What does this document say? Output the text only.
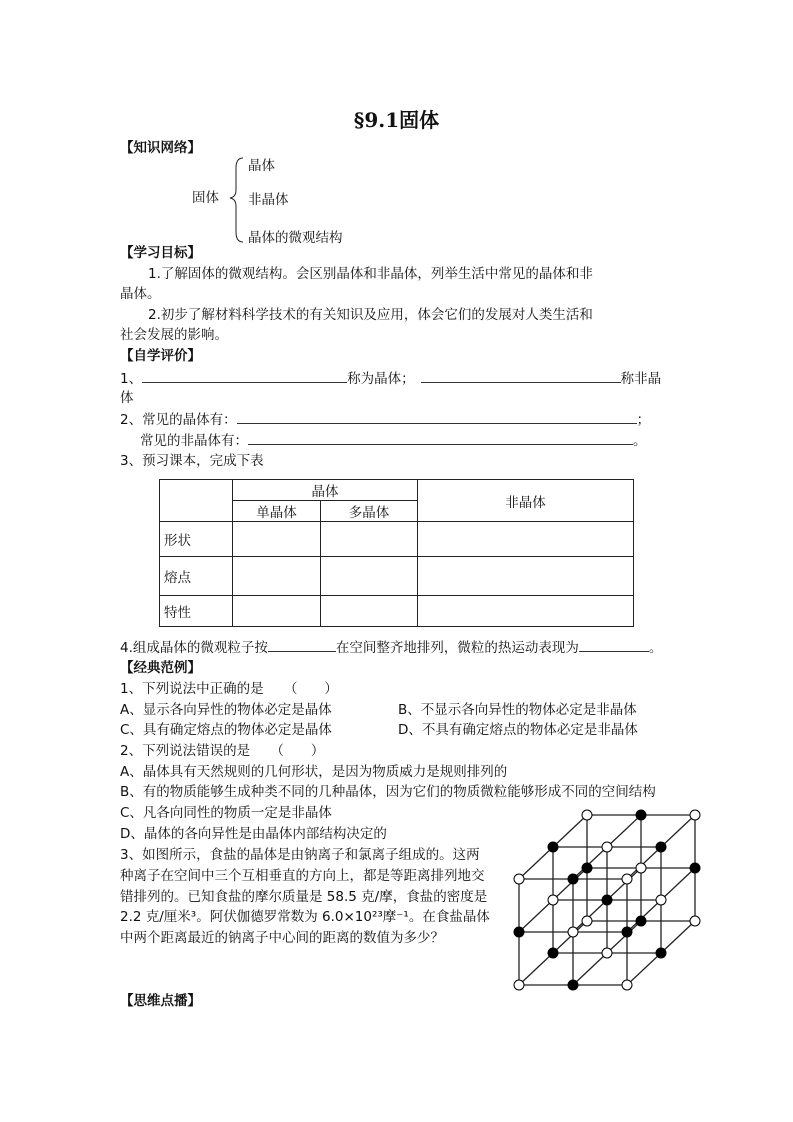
§9.1固体
【知识网络】
固体
晶体
非晶体
晶体的微观结构
【学习目标】
1.了解固体的微观结构。会区别晶体和非晶体，列举生活中常见的晶体和非
晶体。
2.初步了解材料科学技术的有关知识及应用，体会它们的发展对人类生活和
社会发展的影响。
【自学评价】
1、	称为晶体；	称非晶
体
2、常见的晶体有：	；
常见的非晶体有：	。
3、预习课本，完成下表
	晶体		非晶体
	单晶体	多晶体	
形状			
熔点			
特性			
4.组成晶体的微观粒子按	在空间整齐地排列，微粒的热运动表现为	。
【经典范例】
1、下列说法中正确的是　　（　　）
A、显示各向异性的物体必定是晶体	B、不显示各向异性的物体必定是非晶体
C、具有确定熔点的物体必定是晶体	D、不具有确定熔点的物体必定是非晶体
2、下列说法错误的是　　（　　）
A、晶体具有天然规则的几何形状，是因为物质威力是规则排列的
B、有的物质能够生成种类不同的几种晶体，因为它们的物质微粒能够形成不同的空间结构
C、凡各向同性的物质一定是非晶体
D、晶体的各向异性是由晶体内部结构决定的
3、如图所示，食盐的晶体是由钠离子和氯离子组成的。这两
种离子在空间中三个互相垂直的方向上，都是等距离排列地交
错排列的。已知食盐的摩尔质量是 58.5 克/摩，食盐的密度是
2.2 克/厘米³。阿伏伽德罗常数为 6.0×10²³摩⁻¹。在食盐晶体
中两个距离最近的钠离子中心间的距离的数值为多少？
【思维点播】
